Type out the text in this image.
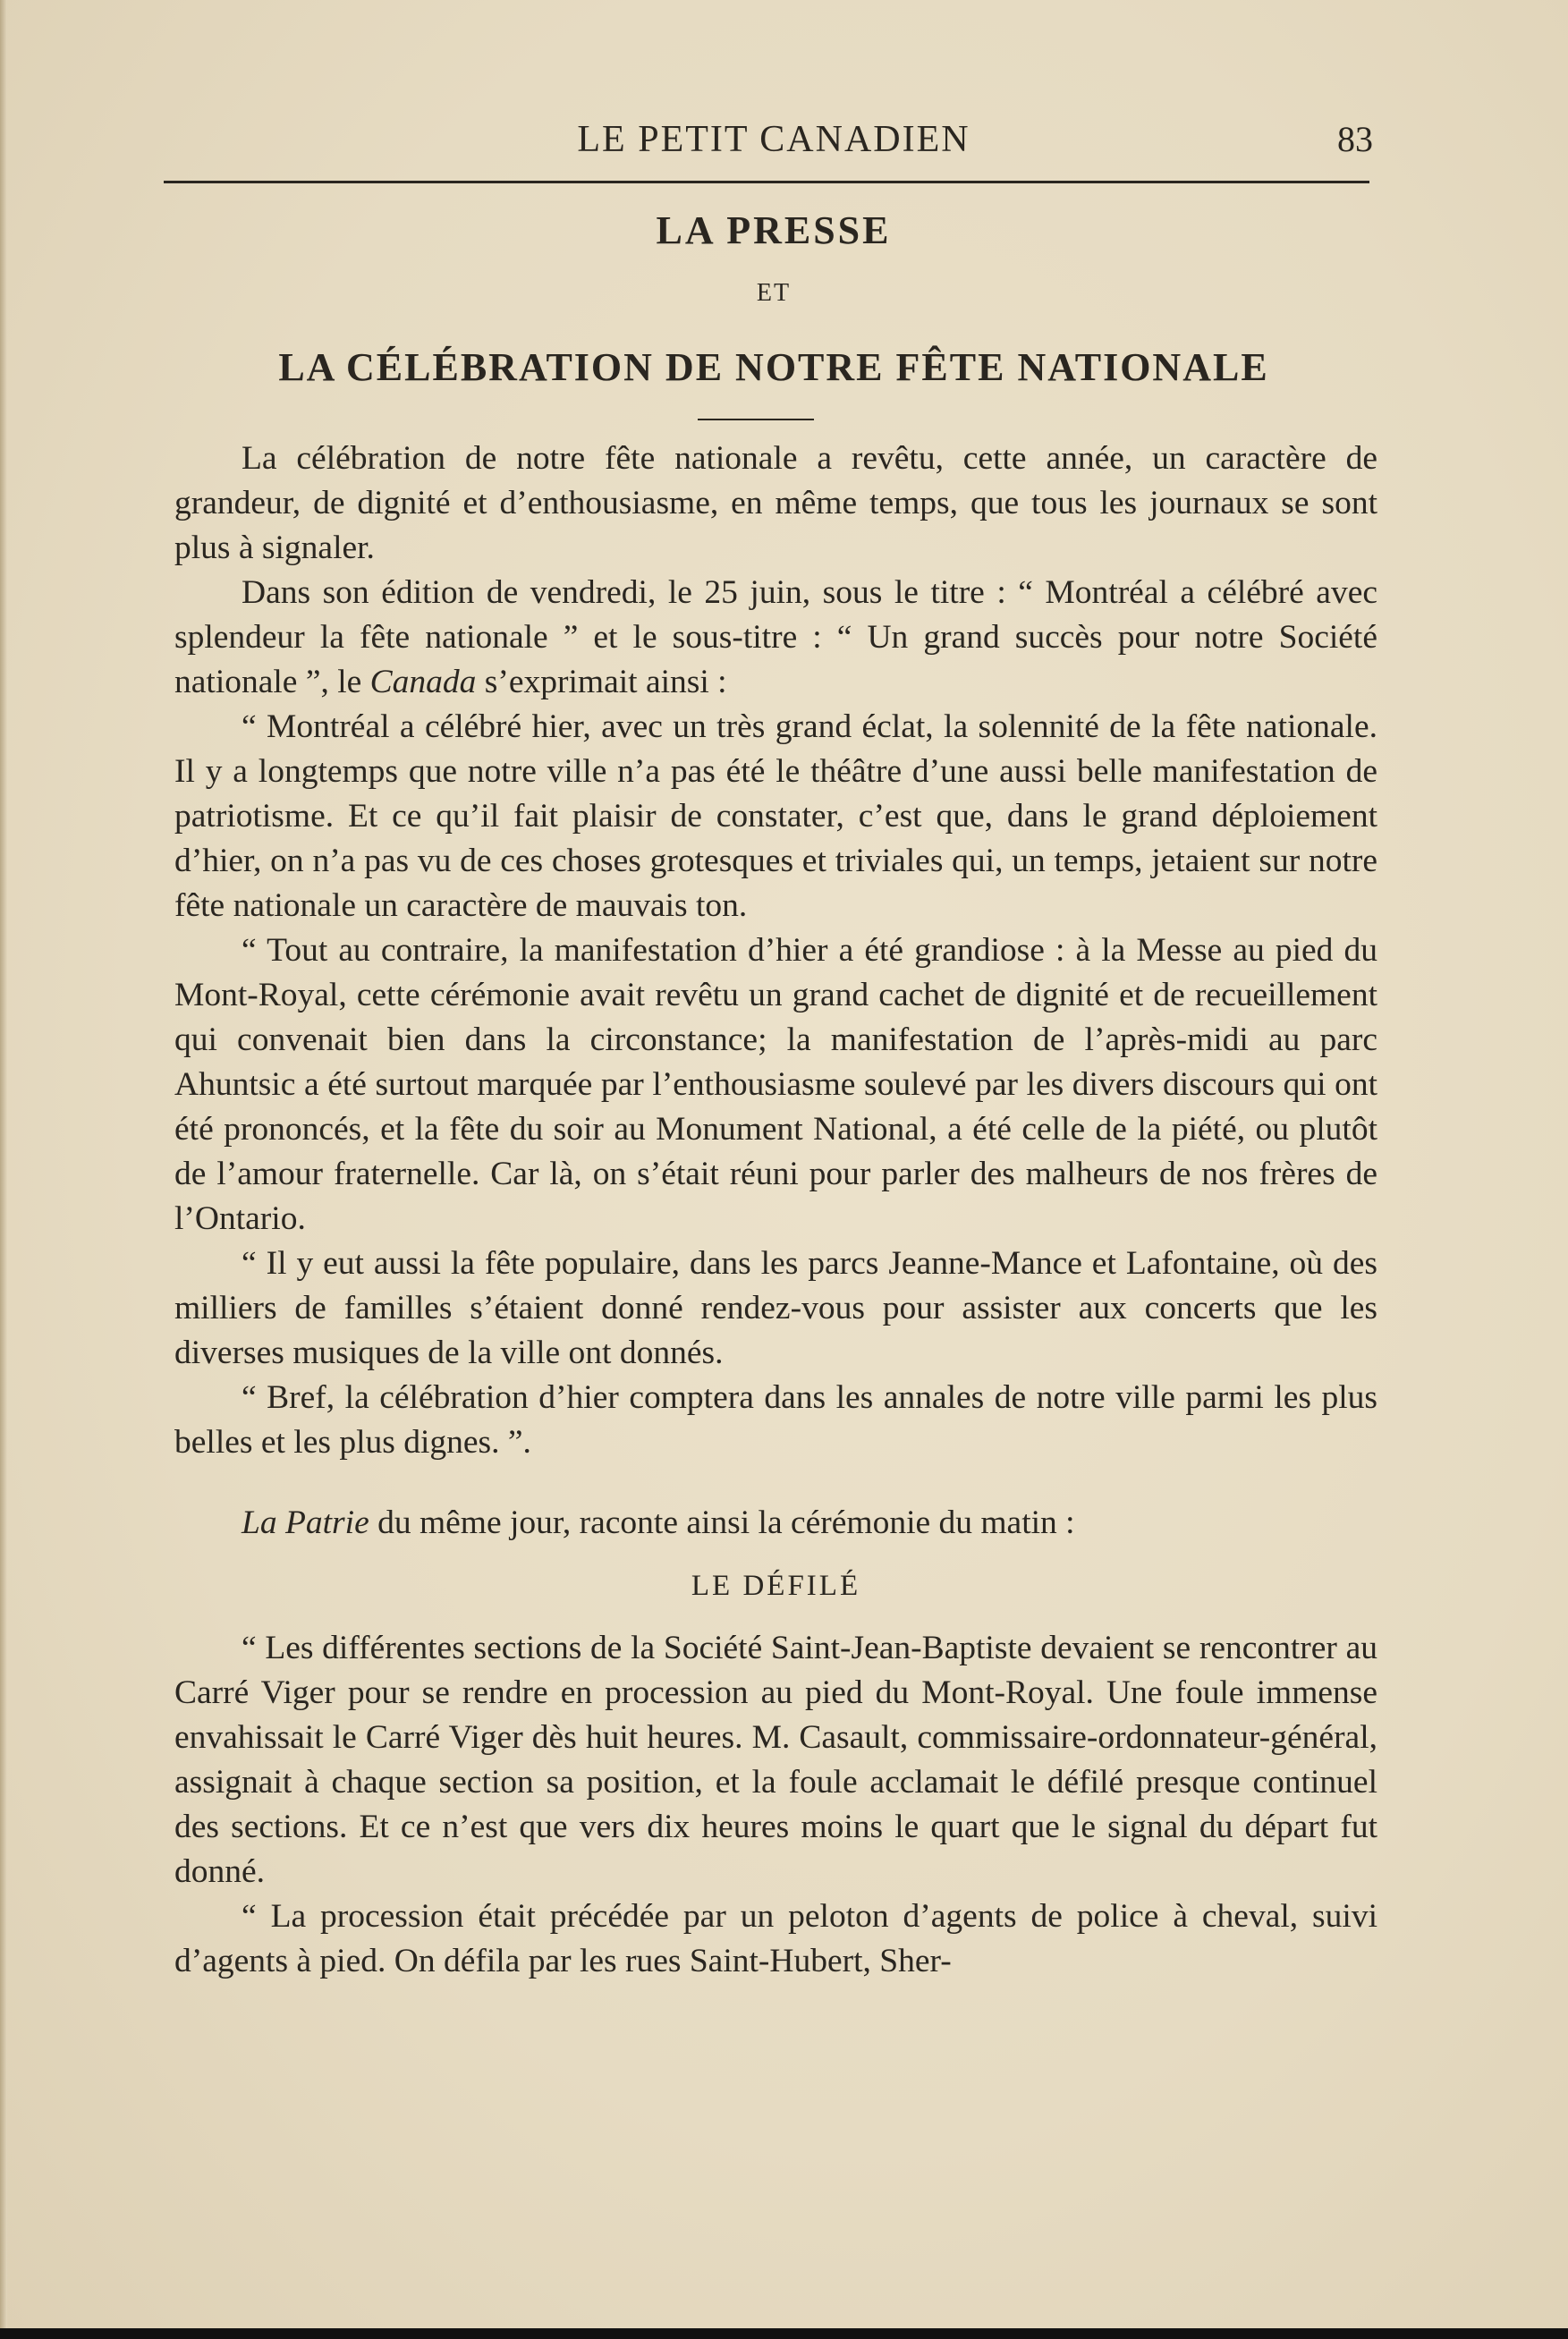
LE PETIT CANADIEN	83
LA PRESSE
ET
LA CÉLÉBRATION DE NOTRE FÊTE NATIONALE

La célébration de notre fête nationale a revêtu, cette année, un caractère de grandeur, de dignité et d’enthousiasme, en même temps, que tous les journaux se sont plus à signaler.

Dans son édition de vendredi, le 25 juin, sous le titre : “ Montréal a célébré avec splendeur la fête nationale ” et le sous-titre : “ Un grand succès pour notre Société nationale ”, le Canada s’exprimait ainsi :

“ Montréal a célébré hier, avec un très grand éclat, la solennité de la fête nationale. Il y a longtemps que notre ville n’a pas été le théâtre d’une aussi belle manifestation de patriotisme. Et ce qu’il fait plaisir de constater, c’est que, dans le grand déploiement d’hier, on n’a pas vu de ces choses grotesques et triviales qui, un temps, jetaient sur notre fête nationale un caractère de mauvais ton.

“ Tout au contraire, la manifestation d’hier a été grandiose : à la Messe au pied du Mont-Royal, cette cérémonie avait revêtu un grand cachet de dignité et de recueillement qui convenait bien dans la circonstance; la manifestation de l’après-midi au parc Ahuntsic a été surtout marquée par l’enthousiasme soulevé par les divers discours qui ont été prononcés, et la fête du soir au Monument National, a été celle de la piété, ou plutôt de l’amour fraternelle. Car là, on s’était réuni pour parler des malheurs de nos frères de l’Ontario.

“ Il y eut aussi la fête populaire, dans les parcs Jeanne-Mance et Lafontaine, où des milliers de familles s’étaient donné rendez-vous pour assister aux concerts que les diverses musiques de la ville ont donnés.

“ Bref, la célébration d’hier comptera dans les annales de notre ville parmi les plus belles et les plus dignes. ”.

La Patrie du même jour, raconte ainsi la cérémonie du matin :

LE DÉFILÉ

“ Les différentes sections de la Société Saint-Jean-Baptiste devaient se rencontrer au Carré Viger pour se rendre en procession au pied du Mont-Royal. Une foule immense envahissait le Carré Viger dès huit heures. M. Casault, commissaire-ordonnateur-général, assignait à chaque section sa position, et la foule acclamait le défilé presque continuel des sections. Et ce n’est que vers dix heures moins le quart que le signal du départ fut donné.

“ La procession était précédée par un peloton d’agents de police à cheval, suivi d’agents à pied. On défila par les rues Saint-Hubert, Sher-
